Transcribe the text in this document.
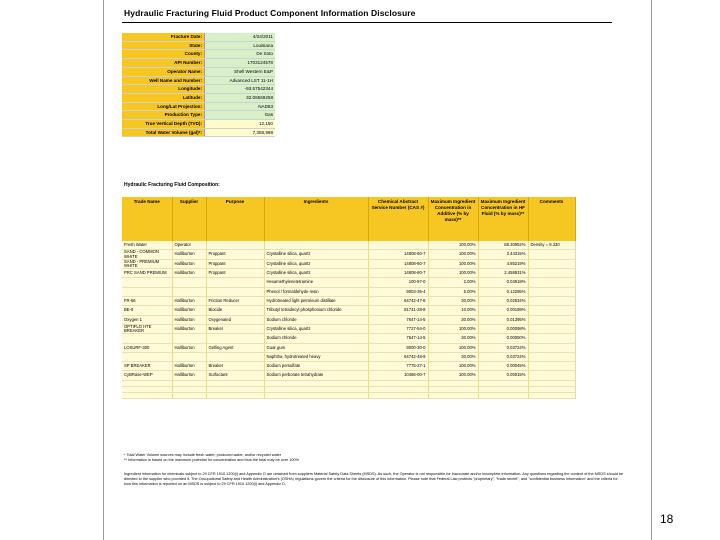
Hydraulic Fracturing Fluid Product Component Information Disclosure
Fracture Date:	4/24/2011
State:	Louisiana
County:	De Soto
API Number:	1703124578
Operator Name:	Shell Western E&P
Well Name and Number:	Advanced LST 11-1H
Longitude:	-93.57542344
Latitude:	32.06569258
Long/Lat Projection:	NAD83
Production Type:	Gas
True Vertical Depth (TVD):	12,150
Total Water Volume (gal)*:	7,358,988
Hydraulic Fracturing Fluid Composition:
Trade Name	Supplier	Purpose	Ingredients	Chemical Abstract Service Number (CAS #)	Maximum Ingredient Concentration in Additive (% by mass)**	Maximum Ingredient Concentration in HF Fluid (% by mass)**	Comments
Fresh Water	Operator				100.00%	88.30952%	Density = 8.330
SAND - COMMON WHITE	Halliburton	Proppant	Crystalline silica, quartz	14808-60-7	100.00%	3.44315%	
SAND - PREMIUM WHITE	Halliburton	Proppant	Crystalline silica, quartz	14808-60-7	100.00%	4.85219%	
PRC SAND PREMIUM	Halliburton	Proppant	Crystalline silica, quartz	14808-60-7	100.00%	2.458931%	
			Hexamethylenetetramine	100-97-0	2.00%	0.04918%	
			Phenol / formaldehyde resin	9003-35-4	5.00%	0.12295%	
FR-66	Halliburton	Friction Reducer	Hydrotreated light petroleum distillate	64742-47-8	30.00%	0.02534%	
BE-9	Halliburton	Biocide	Tributyl tetradecyl phosphonium chloride	81741-28-8	10.00%	0.00199%	
Oxygen 1	Halliburton	Oxygenated	Sodium chloride	7647-14-5	30.00%	0.01395%	
OPTIFLO HTE BREAKER	Halliburton	Breaker	Crystalline silica, quartz	7727-54-0	100.00%	0.00098%	
			Sodium chloride	7647-14-5	30.00%	0.00050%	
LOSURF-300	Halliburton	Gelling Agent	Guar gum	9000-30-0	100.00%	0.03724%	
			Naphtha, hydrotreated heavy	64742-48-9	30.00%	0.03724%	
SP BREAKER	Halliburton	Breaker	Sodium persulfate	7775-27-1	100.00%	0.00045%	
CyBRase-WEP	Halliburton	Surfactant	Sodium perborate tetrahydrate	10486-00-7	100.00%	0.00015%	

* Total Water Volume sources may include fresh water, produced water, and/or recycled water

** Information is based on the maximum potential for concentration and thus the total may be over 100%

Ingredient information for chemicals subject to 29 CFR 1910.1200(i) and Appendix D are obtained from suppliers Material Safety Data Sheets (MSDS). As such, the Operator is not responsible for inaccurate and/or incomplete information. Any questions regarding the content of the MSDS should be directed to the supplier who provided it. The Occupational Safety and Health Administration's (OSHA) regulations govern the criteria for the disclosure of this information. Please note that Federal Law protects "proprietary", "trade secret", and "confidential business information" and the criteria for how this information is reported on an MSDS is subject to 29 CFR 1910.1200(i) and Appendix D.

18
